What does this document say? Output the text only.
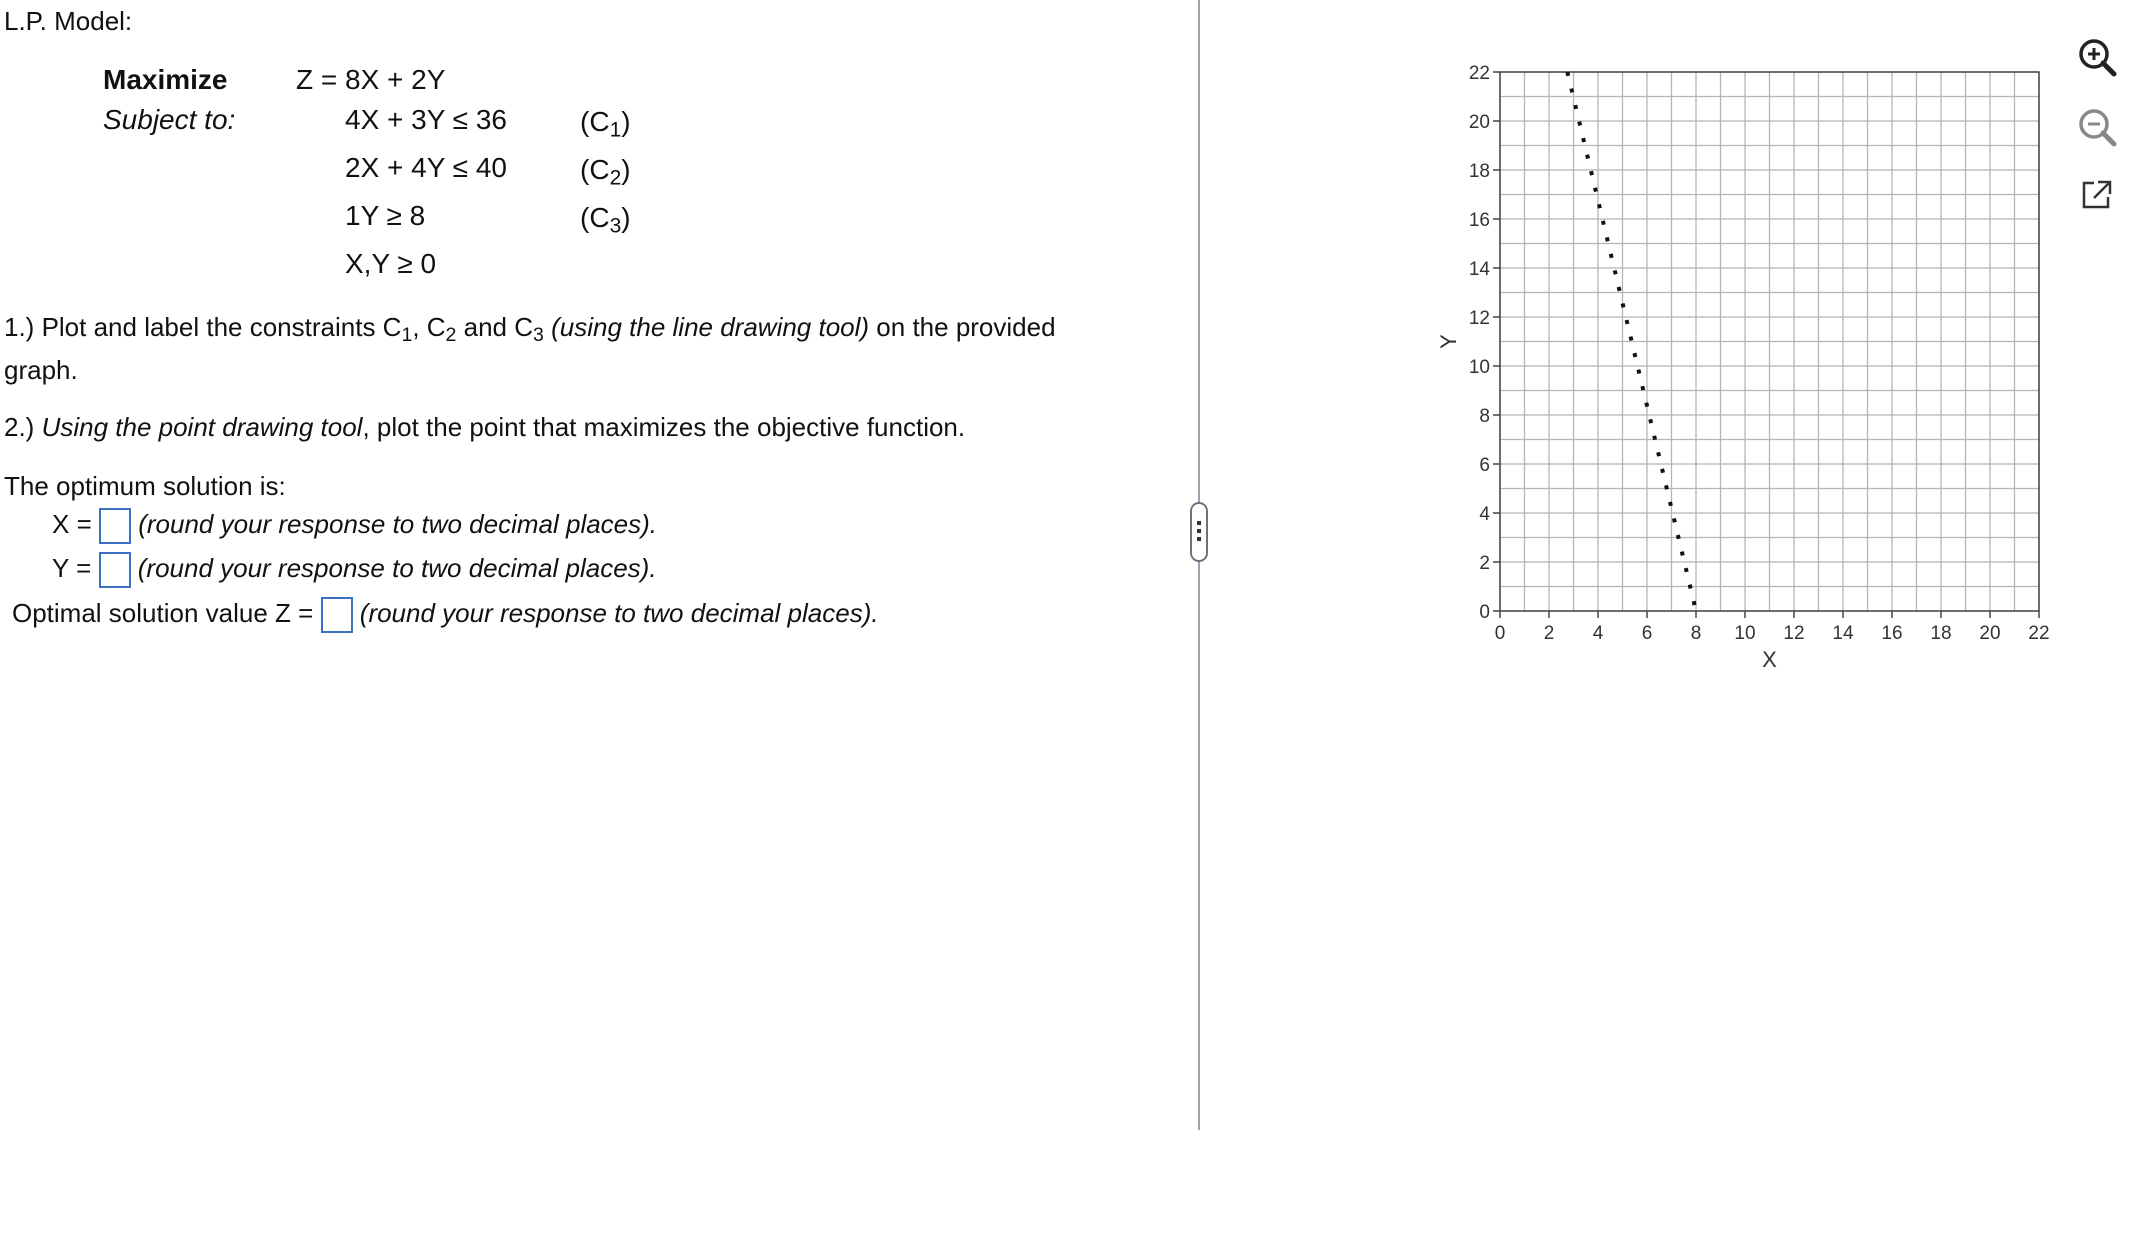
L.P. Model:
Maximize
Subject to:
Z = 8X + 2Y
4X + 3Y ≤ 36
2X + 4Y ≤ 40
1Y ≥ 8
X,Y ≥ 0
$(C_1)$
$(C_2)$
$(C_3)$
1.) Plot and label the constraints $C_1$, $C_2$ and $C_3$ (using the line drawing tool) on the provided
graph.
2.) Using the point drawing tool, plot the point that maximizes the objective function.
The optimum solution is:
X = (round your response to two decimal places).
Y = (round your response to two decimal places).
Optimal solution value Z = (round your response to two decimal places).
0 2 4 6 8 10 12 14 16 18 20 22
0
2
4
6
8
10
12
14
16
18
20
22
X
Y
